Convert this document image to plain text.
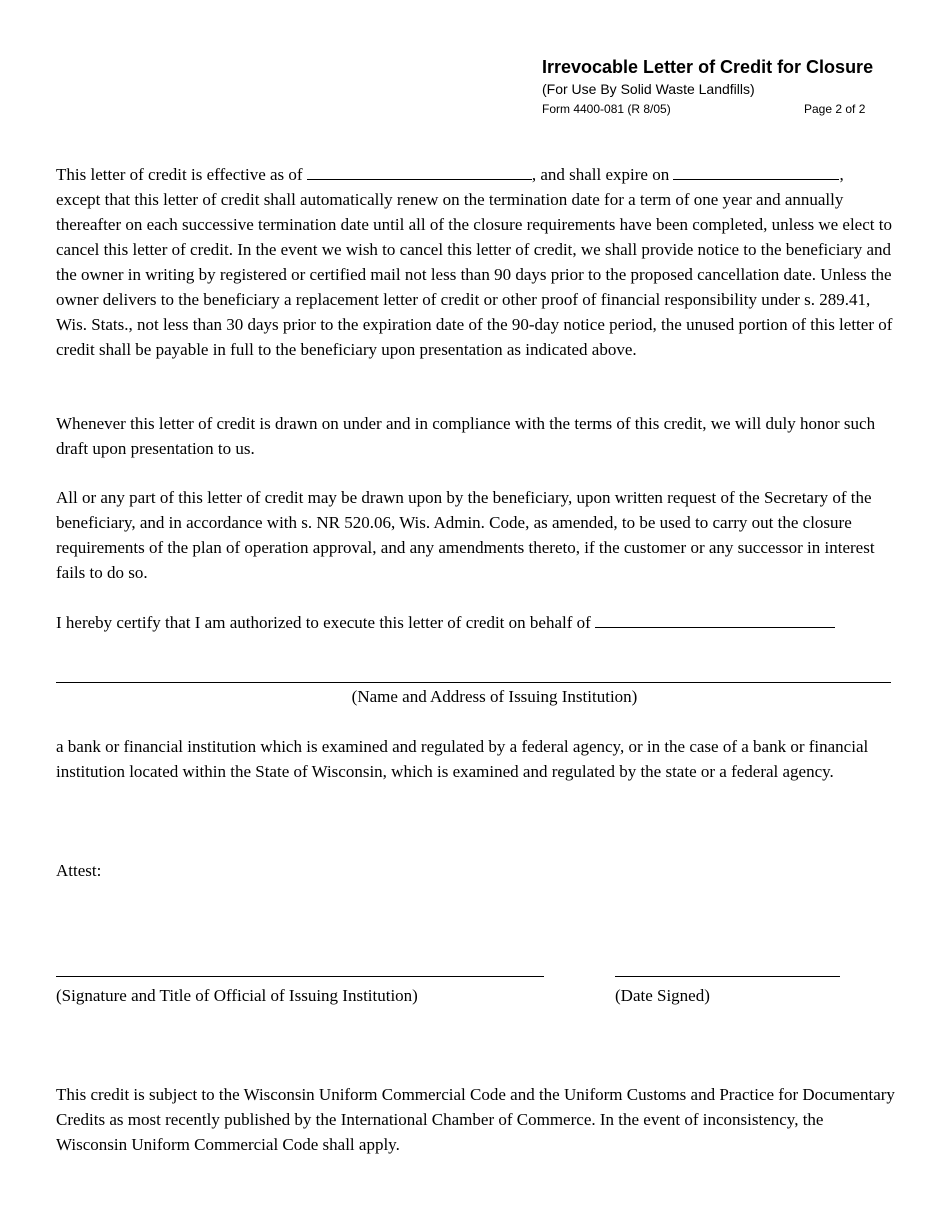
Irrevocable Letter of Credit for Closure
(For Use By Solid Waste Landfills)
Form 4400-081 (R 8/05)	Page 2 of 2
This letter of credit is effective as of	, and shall expire on	,
except that this letter of credit shall automatically renew on the termination date for a term of one year and annually thereafter on each successive termination date until all of the closure requirements have been completed, unless we elect to cancel this letter of credit. In the event we wish to cancel this letter of credit, we shall provide notice to the beneficiary and the owner in writing by registered or certified mail not less than 90 days prior to the proposed cancellation date. Unless the owner delivers to the beneficiary a replacement letter of credit or other proof of financial responsibility under s. 289.41, Wis. Stats., not less than 30 days prior to the expiration date of the 90-day notice period, the unused portion of this letter of credit shall be payable in full to the beneficiary upon presentation as indicated above.

Whenever this letter of credit is drawn on under and in compliance with the terms of this credit, we will duly honor such draft upon presentation to us.

All or any part of this letter of credit may be drawn upon by the beneficiary, upon written request of the Secretary of the beneficiary, and in accordance with s. NR 520.06, Wis. Admin. Code, as amended, to be used to carry out the closure requirements of the plan of operation approval, and any amendments thereto, if the customer or any successor in interest fails to do so.

I hereby certify that I am authorized to execute this letter of credit on behalf of
(Name and Address of Issuing Institution)

a bank or financial institution which is examined and regulated by a federal agency, or in the case of a bank or financial institution located within the State of Wisconsin, which is examined and regulated by the state or a federal agency.

Attest:
(Signature and Title of Official of Issuing Institution)	(Date Signed)

This credit is subject to the Wisconsin Uniform Commercial Code and the Uniform Customs and Practice for Documentary Credits as most recently published by the International Chamber of Commerce. In the event of inconsistency, the Wisconsin Uniform Commercial Code shall apply.
